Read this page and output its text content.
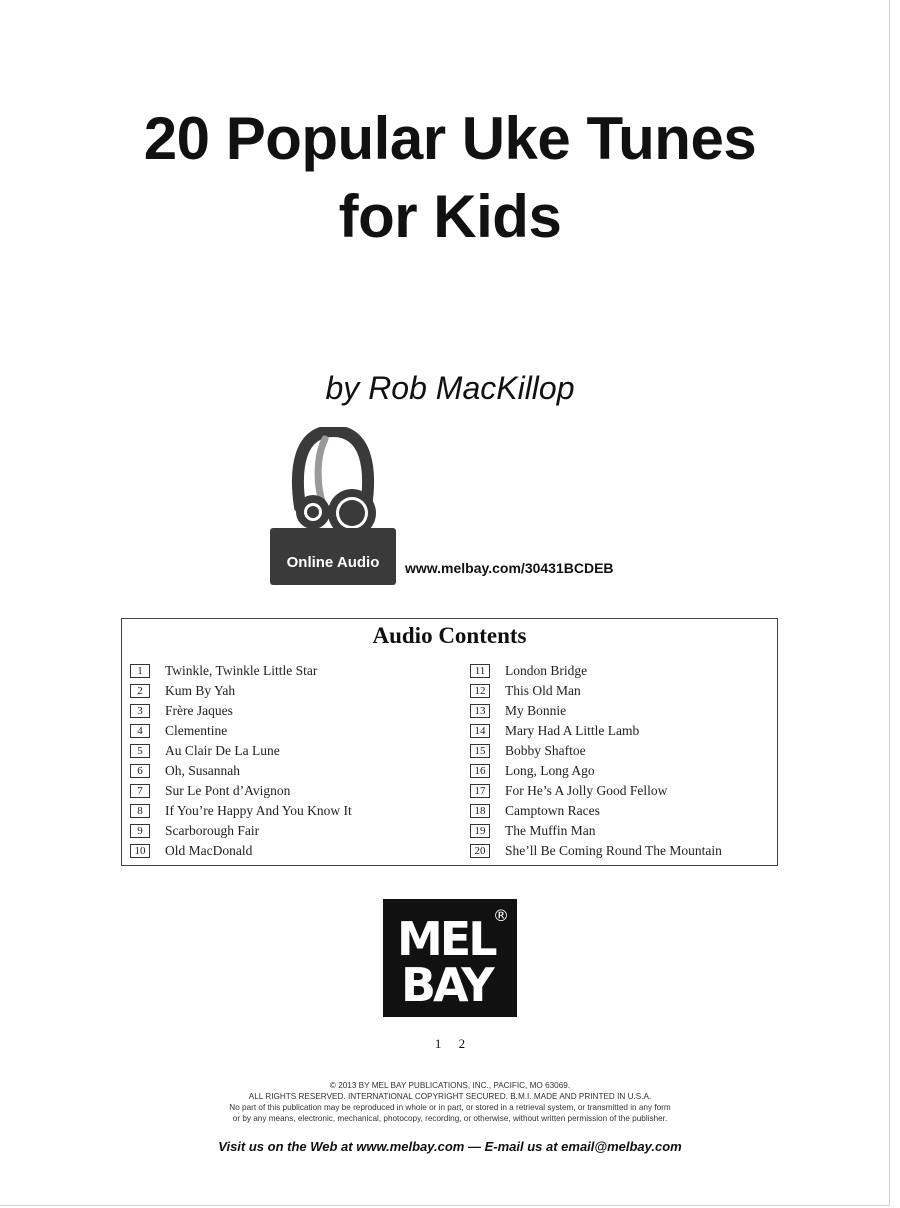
20 Popular Uke Tunes
for Kids
by Rob MacKillop
Online Audio	www.melbay.com/30431BCDEB
Audio Contents
1	Twinkle, Twinkle Little Star
2	Kum By Yah
3	Frère Jaques
4	Clementine
5	Au Clair De La Lune
6	Oh, Susannah
7	Sur Le Pont d’Avignon
8	If You’re Happy And You Know It
9	Scarborough Fair
10	Old MacDonald
11	London Bridge
12	This Old Man
13	My Bonnie
14	Mary Had A Little Lamb
15	Bobby Shaftoe
16	Long, Long Ago
17	For He’s A Jolly Good Fellow
18	Camptown Races
19	The Muffin Man
20	She’ll Be Coming Round The Mountain
MEL
BAY
®
1 2
© 2013 BY MEL BAY PUBLICATIONS, INC., PACIFIC, MO 63069.
ALL RIGHTS RESERVED. INTERNATIONAL COPYRIGHT SECURED. B.M.I. MADE AND PRINTED IN U.S.A.
No part of this publication may be reproduced in whole or in part, or stored in a retrieval system, or transmitted in any form
or by any means, electronic, mechanical, photocopy, recording, or otherwise, without written permission of the publisher.
Visit us on the Web at www.melbay.com — E-mail us at email@melbay.com
